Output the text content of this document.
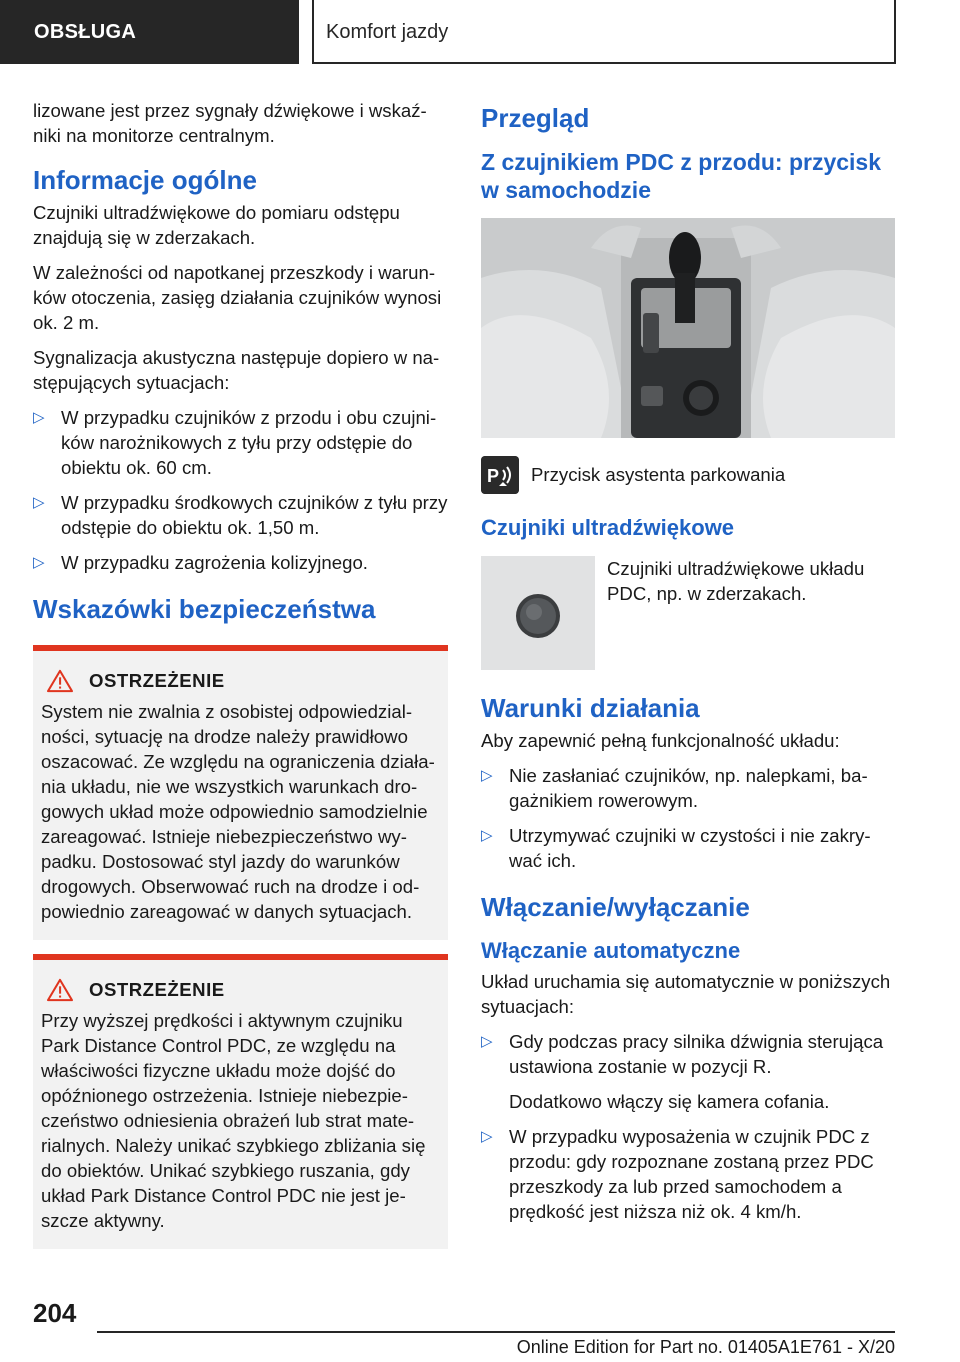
OBSŁUGA	Komfort jazdy

lizowane jest przez sygnały dźwiękowe i wskaźniki na monitorze centralnym.

Informacje ogólne

Czujniki ultradźwiękowe do pomiaru odstępu znajdują się w zderzakach.

W zależności od napotkanej przeszkody i warunków otoczenia, zasięg działania czujników wynosi ok. 2 m.

Sygnalizacja akustyczna następuje dopiero w następujących sytuacjach:

▷ W przypadku czujników z przodu i obu czujników narożnikowych z tyłu przy odstępie do obiektu ok. 60 cm.
▷ W przypadku środkowych czujników z tyłu przy odstępie do obiektu ok. 1,50 m.
▷ W przypadku zagrożenia kolizyjnego.
Wskazówki bezpieczeństwa
OSTRZEŻENIE

System nie zwalnia z osobistej odpowiedzialności, sytuację na drodze należy prawidłowo oszacować. Ze względu na ograniczenia działania układu, nie we wszystkich warunkach drogowych układ może odpowiednio samodzielnie zareagować. Istnieje niebezpieczeństwo wypadku. Dostosować styl jazdy do warunków drogowych. Obserwować ruch na drodze i odpowiednio zareagować w danych sytuacjach.

OSTRZEŻENIE

Przy wyższej prędkości i aktywnym czujniku Park Distance Control PDC, ze względu na właściwości fizyczne układu może dojść do opóźnionego ostrzeżenia. Istnieje niebezpieczeństwo odniesienia obrażeń lub strat materialnych. Należy unikać szybkiego zbliżania się do obiektów. Unikać szybkiego ruszania, gdy układ Park Distance Control PDC nie jest jeszcze aktywny.

Przegląd
Z czujnikiem PDC z przodu: przycisk w samochodzie
P Przycisk asystenta parkowania
Czujniki ultradźwiękowe

Czujniki ultradźwiękowe układu PDC, np. w zderzakach.

Warunki działania

Aby zapewnić pełną funkcjonalność układu:

▷ Nie zasłaniać czujników, np. nalepkami, bagażnikiem rowerowym.
▷ Utrzymywać czujniki w czystości i nie zakrywać ich.
Włączanie/wyłączanie
Włączanie automatyczne

Układ uruchamia się automatycznie w poniższych sytuacjach:

▷ Gdy podczas pracy silnika dźwignia sterująca ustawiona zostanie w pozycji R.

Dodatkowo włączy się kamera cofania.

▷ W przypadku wyposażenia w czujnik PDC z przodu: gdy rozpoznane zostaną przez PDC przeszkody za lub przed samochodem a prędkość jest niższa niż ok. 4 km/h.
204
Online Edition for Part no. 01405A1E761 - X/20
